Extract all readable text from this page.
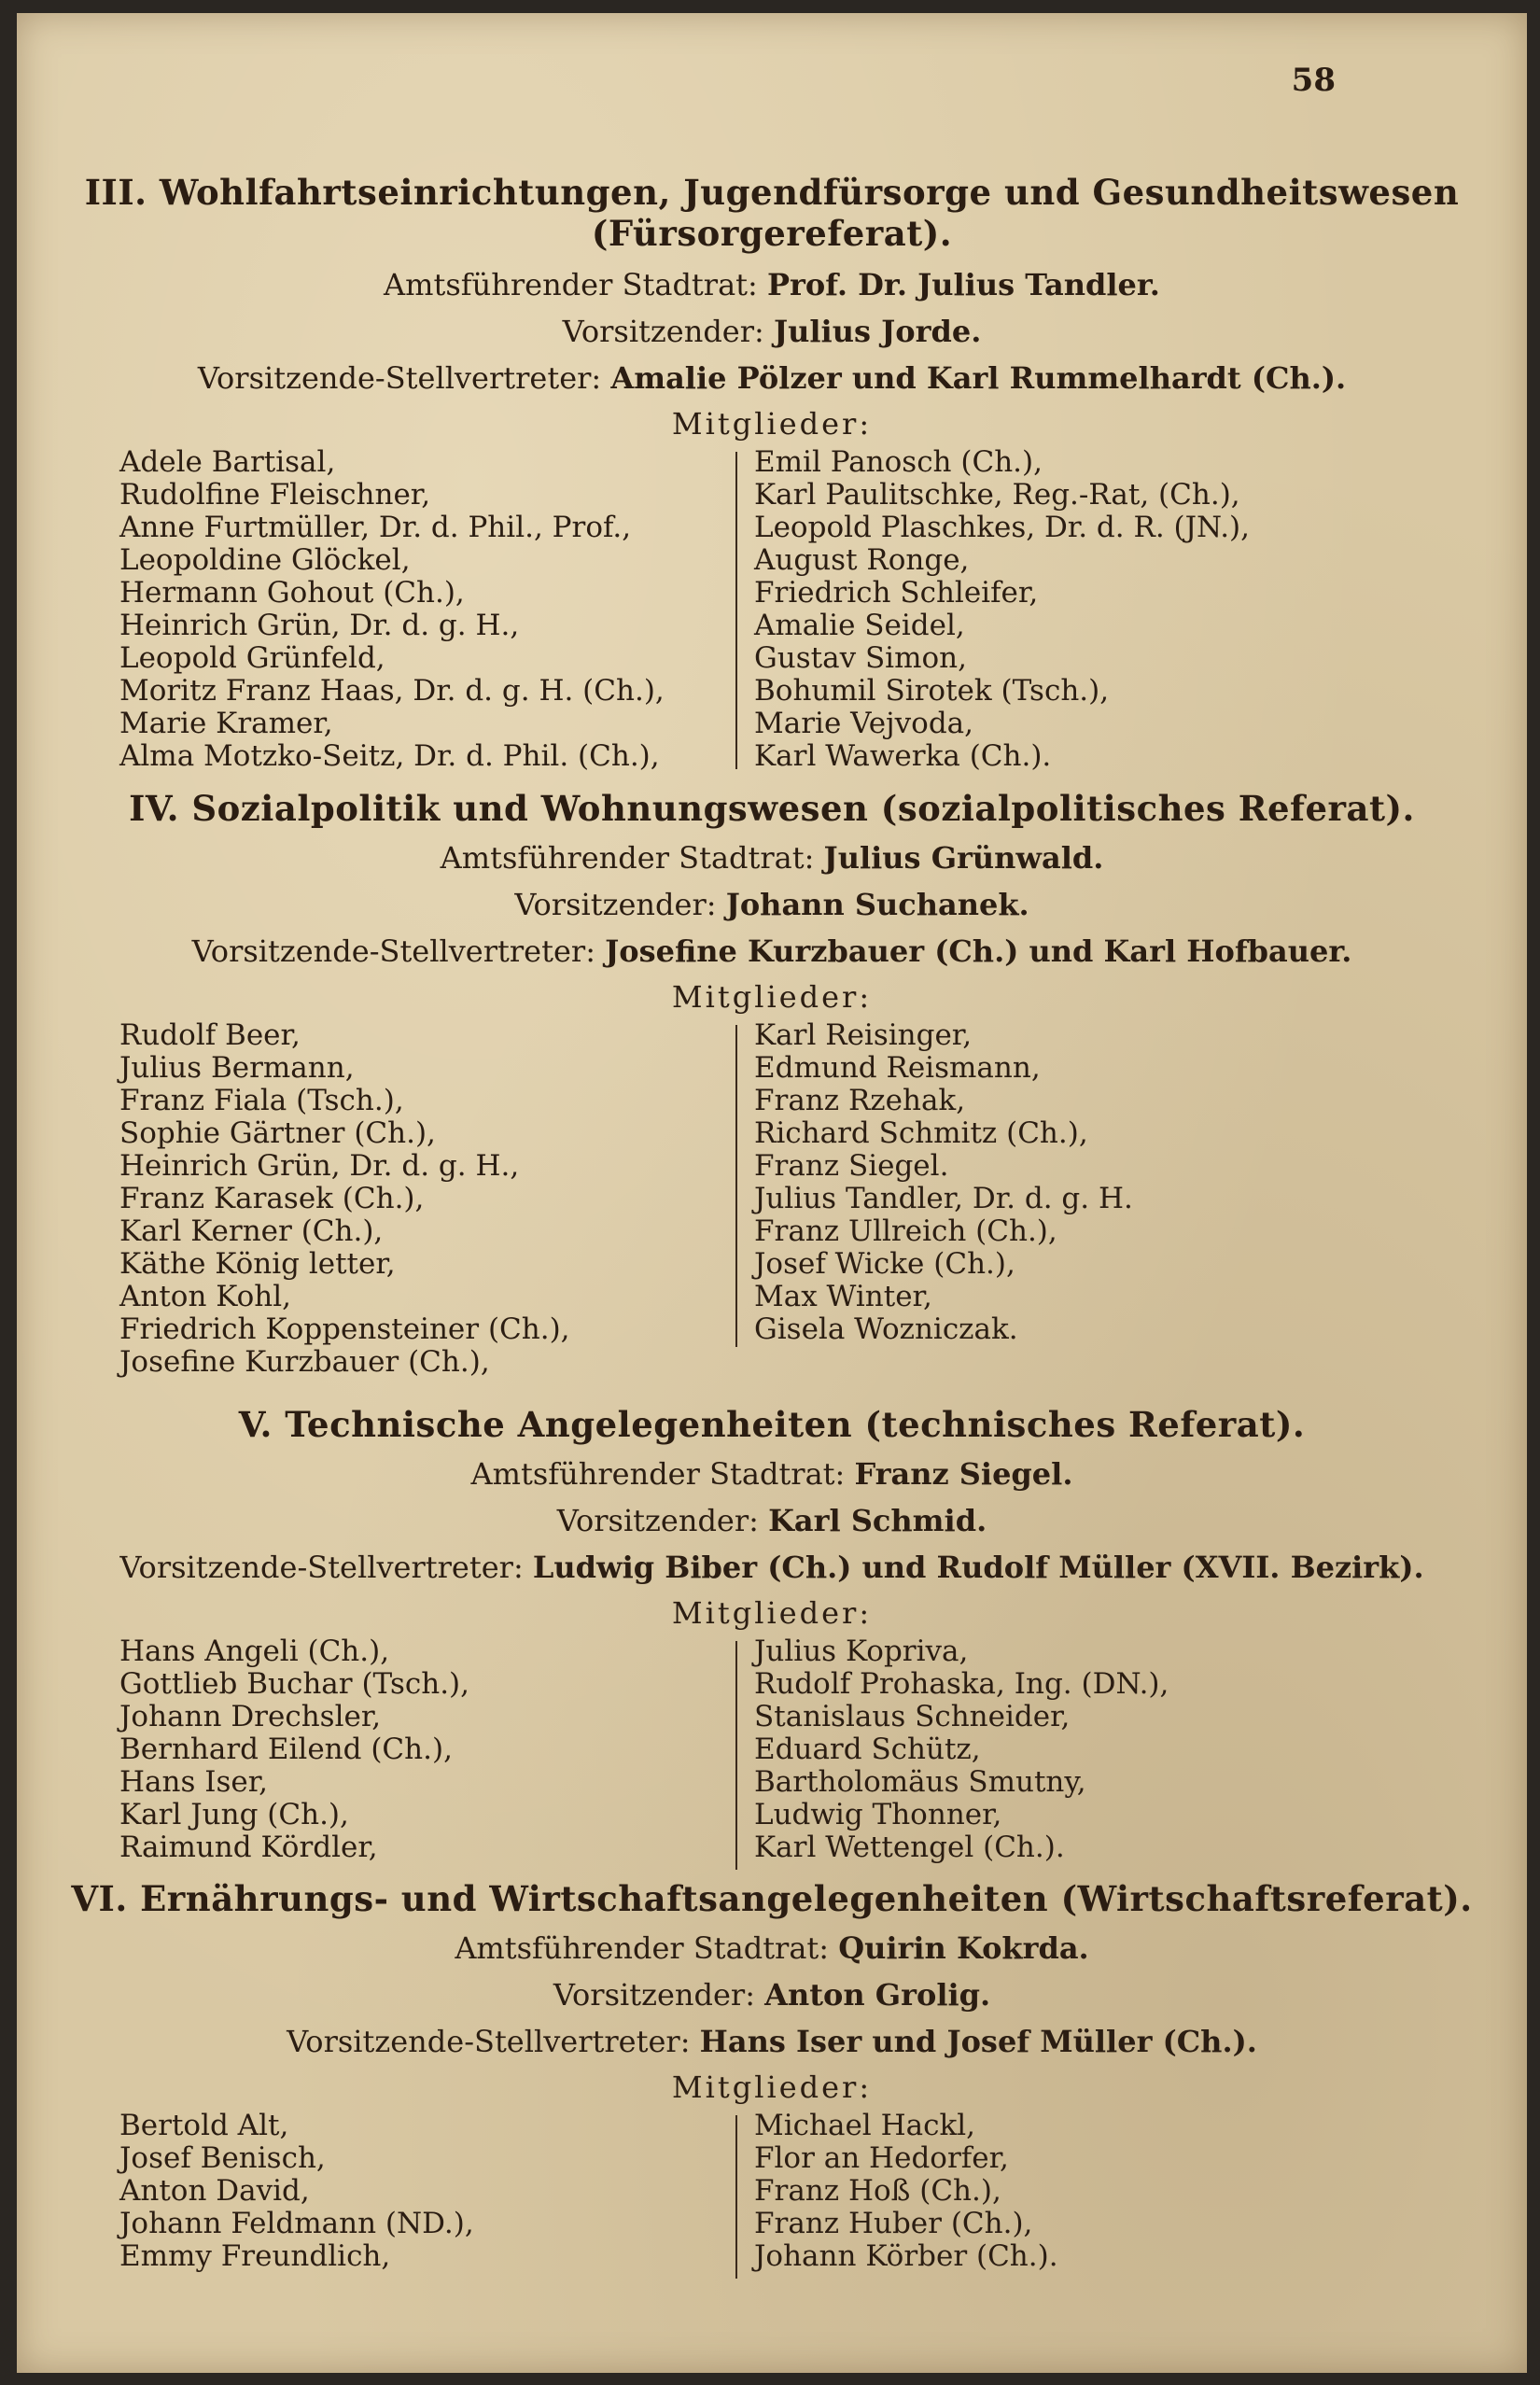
58
III. Wohlfahrtseinrichtungen, Jugendfürsorge und Gesundheitswesen
(Fürsorgereferat).
Amtsführender Stadtrat: Prof. Dr. Julius Tandler.
Vorsitzender: Julius Jorde.
Vorsitzende-Stellvertreter: Amalie Pölzer und Karl Rummelhardt (Ch.).
Mitglieder:
Adele Bartisal,
Rudolfine Fleischner,
Anne Furtmüller, Dr. d. Phil., Prof.,
Leopoldine Glöckel,
Hermann Gohout (Ch.),
Heinrich Grün, Dr. d. g. H.,
Leopold Grünfeld,
Moritz Franz Haas, Dr. d. g. H. (Ch.),
Marie Kramer,
Alma Motzko-Seitz, Dr. d. Phil. (Ch.),
Emil Panosch (Ch.),
Karl Paulitschke, Reg.-Rat, (Ch.),
Leopold Plaschkes, Dr. d. R. (JN.),
August Ronge,
Friedrich Schleifer,
Amalie Seidel,
Gustav Simon,
Bohumil Sirotek (Tsch.),
Marie Vejvoda,
Karl Wawerka (Ch.).
IV. Sozialpolitik und Wohnungswesen (sozialpolitisches Referat).
Amtsführender Stadtrat: Julius Grünwald.
Vorsitzender: Johann Suchanek.
Vorsitzende-Stellvertreter: Josefine Kurzbauer (Ch.) und Karl Hofbauer.
Mitglieder:
Rudolf Beer,
Julius Bermann,
Franz Fiala (Tsch.),
Sophie Gärtner (Ch.),
Heinrich Grün, Dr. d. g. H.,
Franz Karasek (Ch.),
Karl Kerner (Ch.),
Käthe König letter,
Anton Kohl,
Friedrich Koppensteiner (Ch.),
Josefine Kurzbauer (Ch.),
Karl Reisinger,
Edmund Reismann,
Franz Rzehak,
Richard Schmitz (Ch.),
Franz Siegel.
Julius Tandler, Dr. d. g. H.
Franz Ullreich (Ch.),
Josef Wicke (Ch.),
Max Winter,
Gisela Wozniczak.
V. Technische Angelegenheiten (technisches Referat).
Amtsführender Stadtrat: Franz Siegel.
Vorsitzender: Karl Schmid.
Vorsitzende-Stellvertreter: Ludwig Biber (Ch.) und Rudolf Müller (XVII. Bezirk).
Mitglieder:
Hans Angeli (Ch.),
Gottlieb Buchar (Tsch.),
Johann Drechsler,
Bernhard Eilend (Ch.),
Hans Iser,
Karl Jung (Ch.),
Raimund Kördler,
Julius Kopriva,
Rudolf Prohaska, Ing. (DN.),
Stanislaus Schneider,
Eduard Schütz,
Bartholomäus Smutny,
Ludwig Thonner,
Karl Wettengel (Ch.).
VI. Ernährungs- und Wirtschaftsangelegenheiten (Wirtschaftsreferat).
Amtsführender Stadtrat: Quirin Kokrda.
Vorsitzender: Anton Grolig.
Vorsitzende-Stellvertreter: Hans Iser und Josef Müller (Ch.).
Mitglieder:
Bertold Alt,
Josef Benisch,
Anton David,
Johann Feldmann (ND.),
Emmy Freundlich,
Michael Hackl,
Flor an Hedorfer,
Franz Hoß (Ch.),
Franz Huber (Ch.),
Johann Körber (Ch.).
